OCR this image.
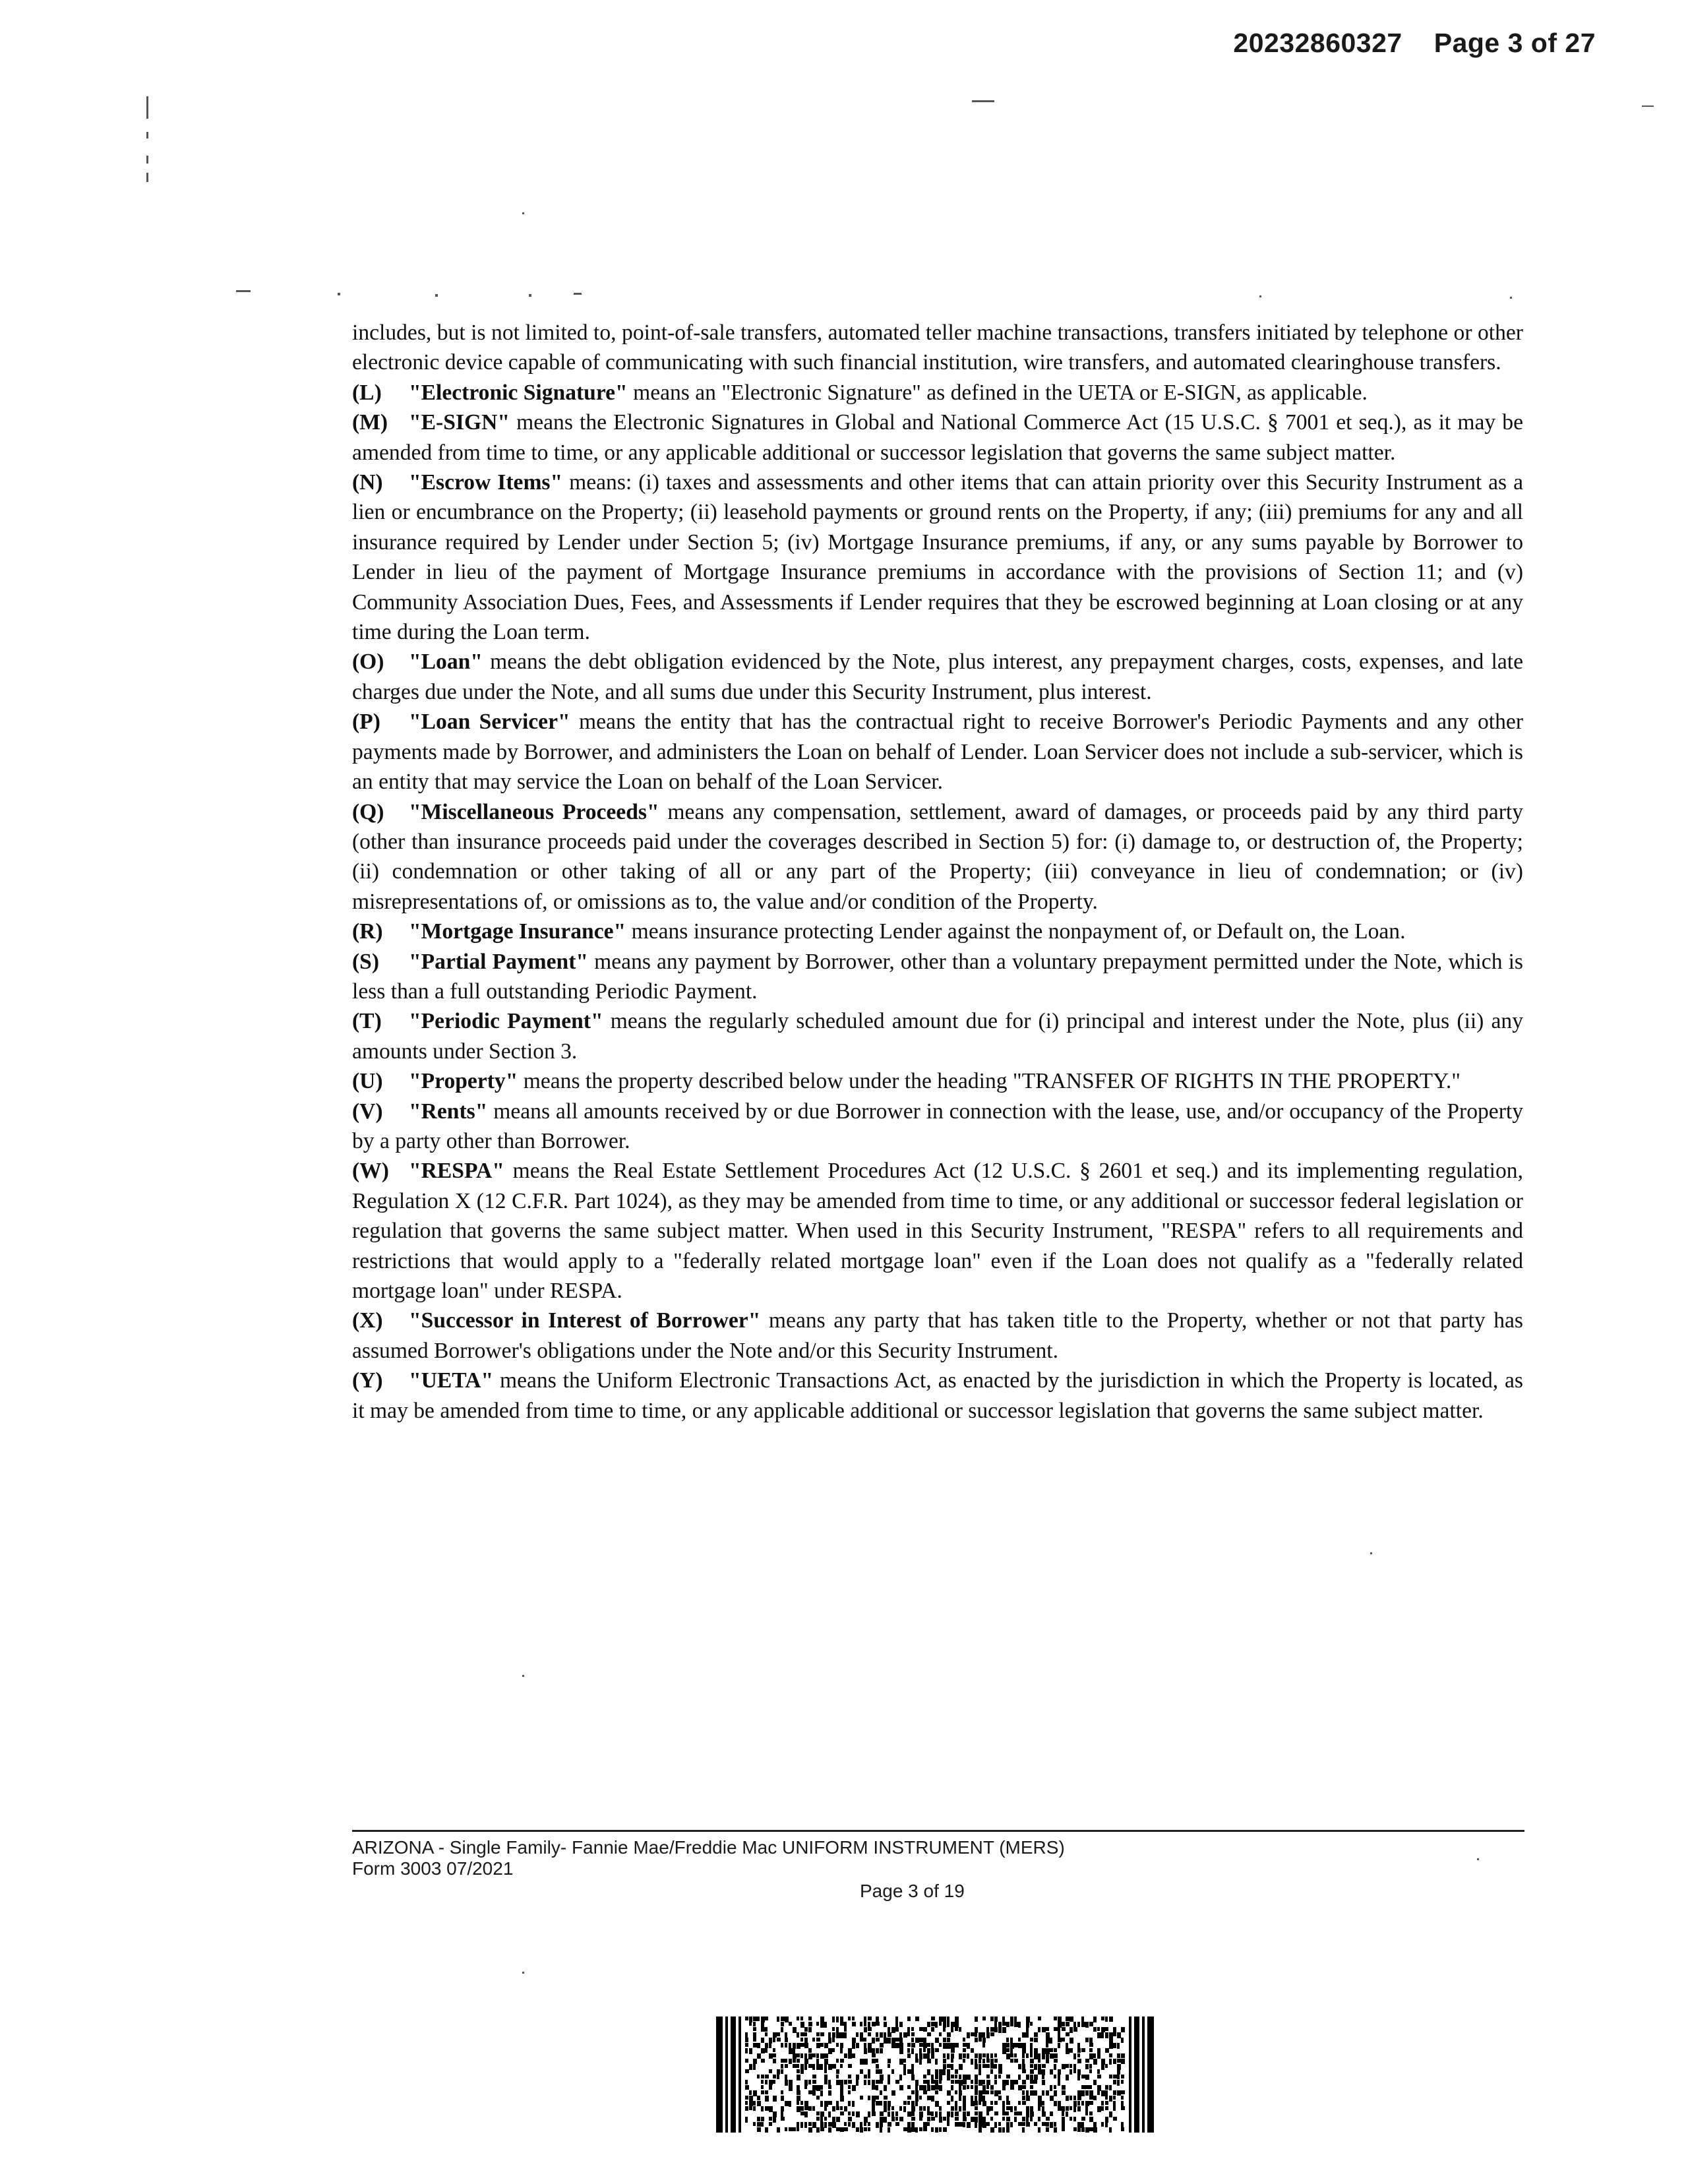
20232860327 Page 3 of 27

includes, but is not limited to, point-of-sale transfers, automated teller machine transactions, transfers initiated by telephone or other electronic device capable of communicating with such financial institution, wire transfers, and automated clearinghouse transfers.

(L) "Electronic Signature" means an "Electronic Signature" as defined in the UETA or E-SIGN, as applicable.

(M) "E-SIGN" means the Electronic Signatures in Global and National Commerce Act (15 U.S.C. § 7001 et seq.), as it may be amended from time to time, or any applicable additional or successor legislation that governs the same subject matter.

(N) "Escrow Items" means: (i) taxes and assessments and other items that can attain priority over this Security Instrument as a lien or encumbrance on the Property; (ii) leasehold payments or ground rents on the Property, if any; (iii) premiums for any and all insurance required by Lender under Section 5; (iv) Mortgage Insurance premiums, if any, or any sums payable by Borrower to Lender in lieu of the payment of Mortgage Insurance premiums in accordance with the provisions of Section 11; and (v) Community Association Dues, Fees, and Assessments if Lender requires that they be escrowed beginning at Loan closing or at any time during the Loan term.

(O) "Loan" means the debt obligation evidenced by the Note, plus interest, any prepayment charges, costs, expenses, and late charges due under the Note, and all sums due under this Security Instrument, plus interest.

(P) "Loan Servicer" means the entity that has the contractual right to receive Borrower's Periodic Payments and any other payments made by Borrower, and administers the Loan on behalf of Lender. Loan Servicer does not include a sub-servicer, which is an entity that may service the Loan on behalf of the Loan Servicer.

(Q) "Miscellaneous Proceeds" means any compensation, settlement, award of damages, or proceeds paid by any third party (other than insurance proceeds paid under the coverages described in Section 5) for: (i) damage to, or destruction of, the Property; (ii) condemnation or other taking of all or any part of the Property; (iii) conveyance in lieu of condemnation; or (iv) misrepresentations of, or omissions as to, the value and/or condition of the Property.

(R) "Mortgage Insurance" means insurance protecting Lender against the nonpayment of, or Default on, the Loan.

(S) "Partial Payment" means any payment by Borrower, other than a voluntary prepayment permitted under the Note, which is less than a full outstanding Periodic Payment.

(T) "Periodic Payment" means the regularly scheduled amount due for (i) principal and interest under the Note, plus (ii) any amounts under Section 3.

(U) "Property" means the property described below under the heading "TRANSFER OF RIGHTS IN THE PROPERTY."

(V) "Rents" means all amounts received by or due Borrower in connection with the lease, use, and/or occupancy of the Property by a party other than Borrower.

(W) "RESPA" means the Real Estate Settlement Procedures Act (12 U.S.C. § 2601 et seq.) and its implementing regulation, Regulation X (12 C.F.R. Part 1024), as they may be amended from time to time, or any additional or successor federal legislation or regulation that governs the same subject matter. When used in this Security Instrument, "RESPA" refers to all requirements and restrictions that would apply to a "federally related mortgage loan" even if the Loan does not qualify as a "federally related mortgage loan" under RESPA.

(X) "Successor in Interest of Borrower" means any party that has taken title to the Property, whether or not that party has assumed Borrower's obligations under the Note and/or this Security Instrument.

(Y) "UETA" means the Uniform Electronic Transactions Act, as enacted by the jurisdiction in which the Property is located, as it may be amended from time to time, or any applicable additional or successor legislation that governs the same subject matter.

ARIZONA - Single Family- Fannie Mae/Freddie Mac UNIFORM INSTRUMENT (MERS)
Form 3003 07/2021
Page 3 of 19
